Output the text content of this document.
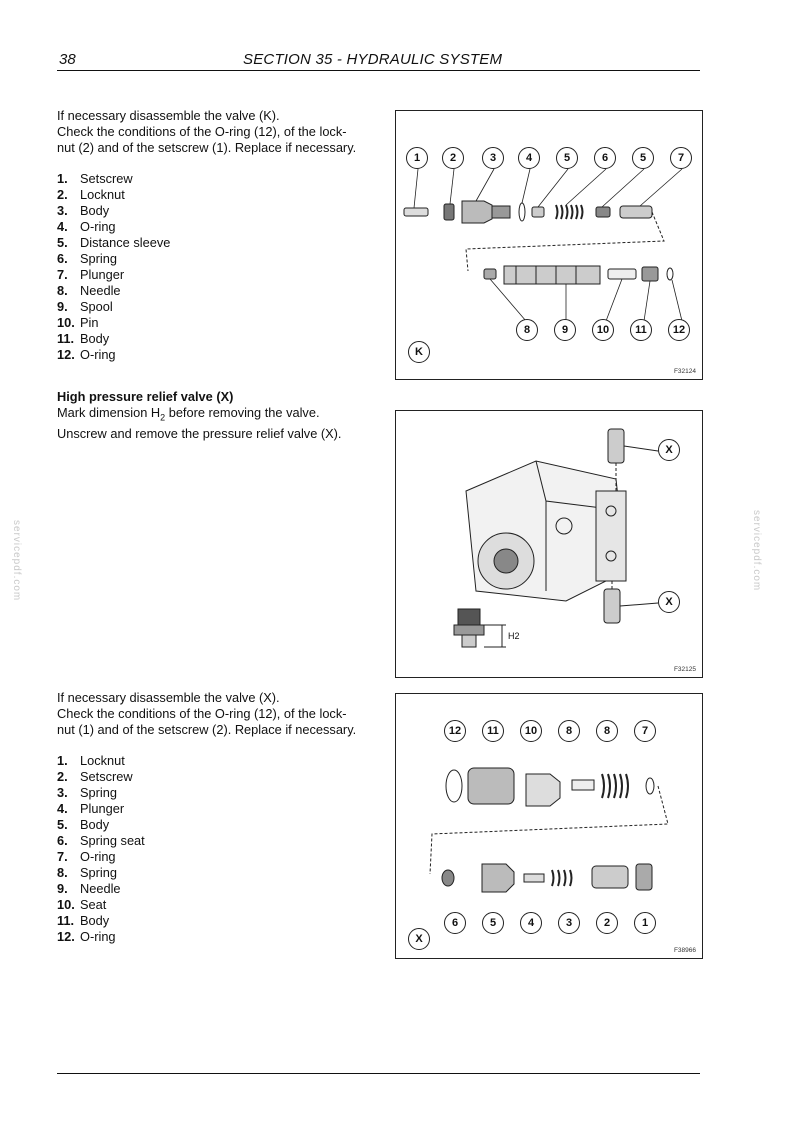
38	SECTION 35 - HYDRAULIC SYSTEM

If necessary disassemble the valve (K).

Check the conditions of the O-ring (12), of the lock-

nut (2) and of the setscrew (1). Replace if necessary.

1. Setscrew
2. Locknut
3. Body
4. O-ring
5. Distance sleeve
6. Spring
7. Plunger
8. Needle
9. Spool
10. Pin
11. Body
12. O-ring

High pressure relief valve (X)

Mark dimension $H_2$ before removing the valve.

Unscrew and remove the pressure relief valve (X).

If necessary disassemble the valve (X).

Check the conditions of the O-ring (12), of the lock-

nut (1) and of the setscrew (2). Replace if necessary.

1. Locknut
2. Setscrew
3. Spring
4. Plunger
5. Body
6. Spring seat
7. O-ring
8. Spring
9. Needle
10. Seat
11. Body
12. O-ring
1	2	3	4	5	6	5	7
8	9	10	11	12
K
F32124
X
X
H2
F32125
12	11	10	8	8	7
6	5	4	3	2	1
X
F38966
servicepdf.com	servicepdf.com
